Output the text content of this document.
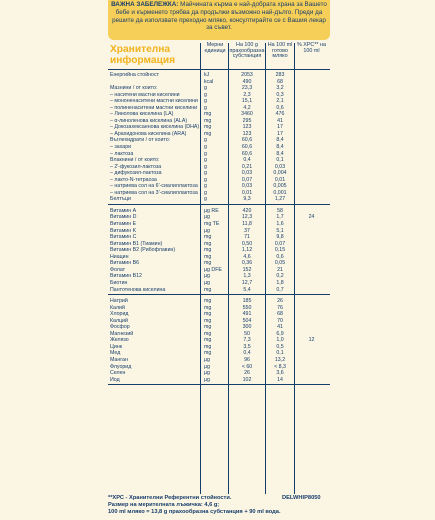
ВАЖНА ЗАБЕЛЕЖКА: Майчината кърма е най-добрата храна за Вашето бебе и кърменето трябва да продължи възможно най-дълго. Преди да решите да използвате преходно мляко, консултирайте се с Вашия лекар за съвет.
Хранителна информация
Мерни единици
На 100 g прахообразна субстанция
На 100 ml готово мляко
% ХРС** на 100 ml
Енергийна стойност	kJ	2053	283
kcal	490	68
Мазнини / от които:	g	23,3	3,2
– наситени мастни киселини	g	2,3	0,3
– мононенаситени мастни киселини	g	15,1	2,1
– полиненаситени мастни киселини	g	4,2	0,6
– Линолова киселина (LA)	mg	3460	476
– α-линоленова киселина (ALA)	mg	295	41
– Докозахексаенова киселина (DHA) mg	123	17
– Арахидонова киселина (ARA)	mg	123	17
Въглехидрати / от които:	g	60,6	8,4
– захари	g	60,6	8,4
– лактоза	g	60,6	8,4
Влакнини / от които:	g	0,4	0,1
– 2'-фукозил-лактоза	g	0,21	0,03
– дифукозил-лактоза	g	0,03	0,004
– лакто-N-тетраоза	g	0,07	0,01
– натриева сол на 6'-сиалиллактоза	g	0,03	0,005
– натриева сол на 3'-сиалиллактоза	g	0,01	0,001
Белтъци	g	9,3	1,27
Витамин А	µg RE	420	58
Витамин D	µg	12,3	1,7	24
Витамин E	mg TE	11,8	1,6
Витамин K	µg	37	5,1
Витамин C	mg	71	9,8
Витамин B1 (Тиамин)	mg	0,50	0,07
Витамин B2 (Рибофлавин)	mg	1,12	0,15
Ниацин	mg	4,6	0,6
Витамин B6	mg	0,36	0,05
Фолат	µg DFE	152	21
Витамин B12	µg	1,3	0,2
Биотин	µg	12,7	1,8
Пантотенова киселина	mg	5,4	0,7
Натрий	mg	185	26
Калий	mg	550	76
Хлорид	mg	491	68
Калций	mg	504	70
Фосфор	mg	300	41
Магнезий	mg	50	6,9
Желязо	mg	7,3	1,0	12
Цинк	mg	3,5	0,5
Мед	mg	0,4	0,1
Манган	µg	96	13,2
Флуорид	µg	< 60	< 8,3
Селен	µg	26	3,6
Йод	µg	102	14
**ХРС - Хранителни Референтни стойности.	DELWHIP8050
Размер на мерителната лъжичка: 4,6 g;
100 ml мляко = 13,8 g прахообразна субстанция + 90 ml вода.
